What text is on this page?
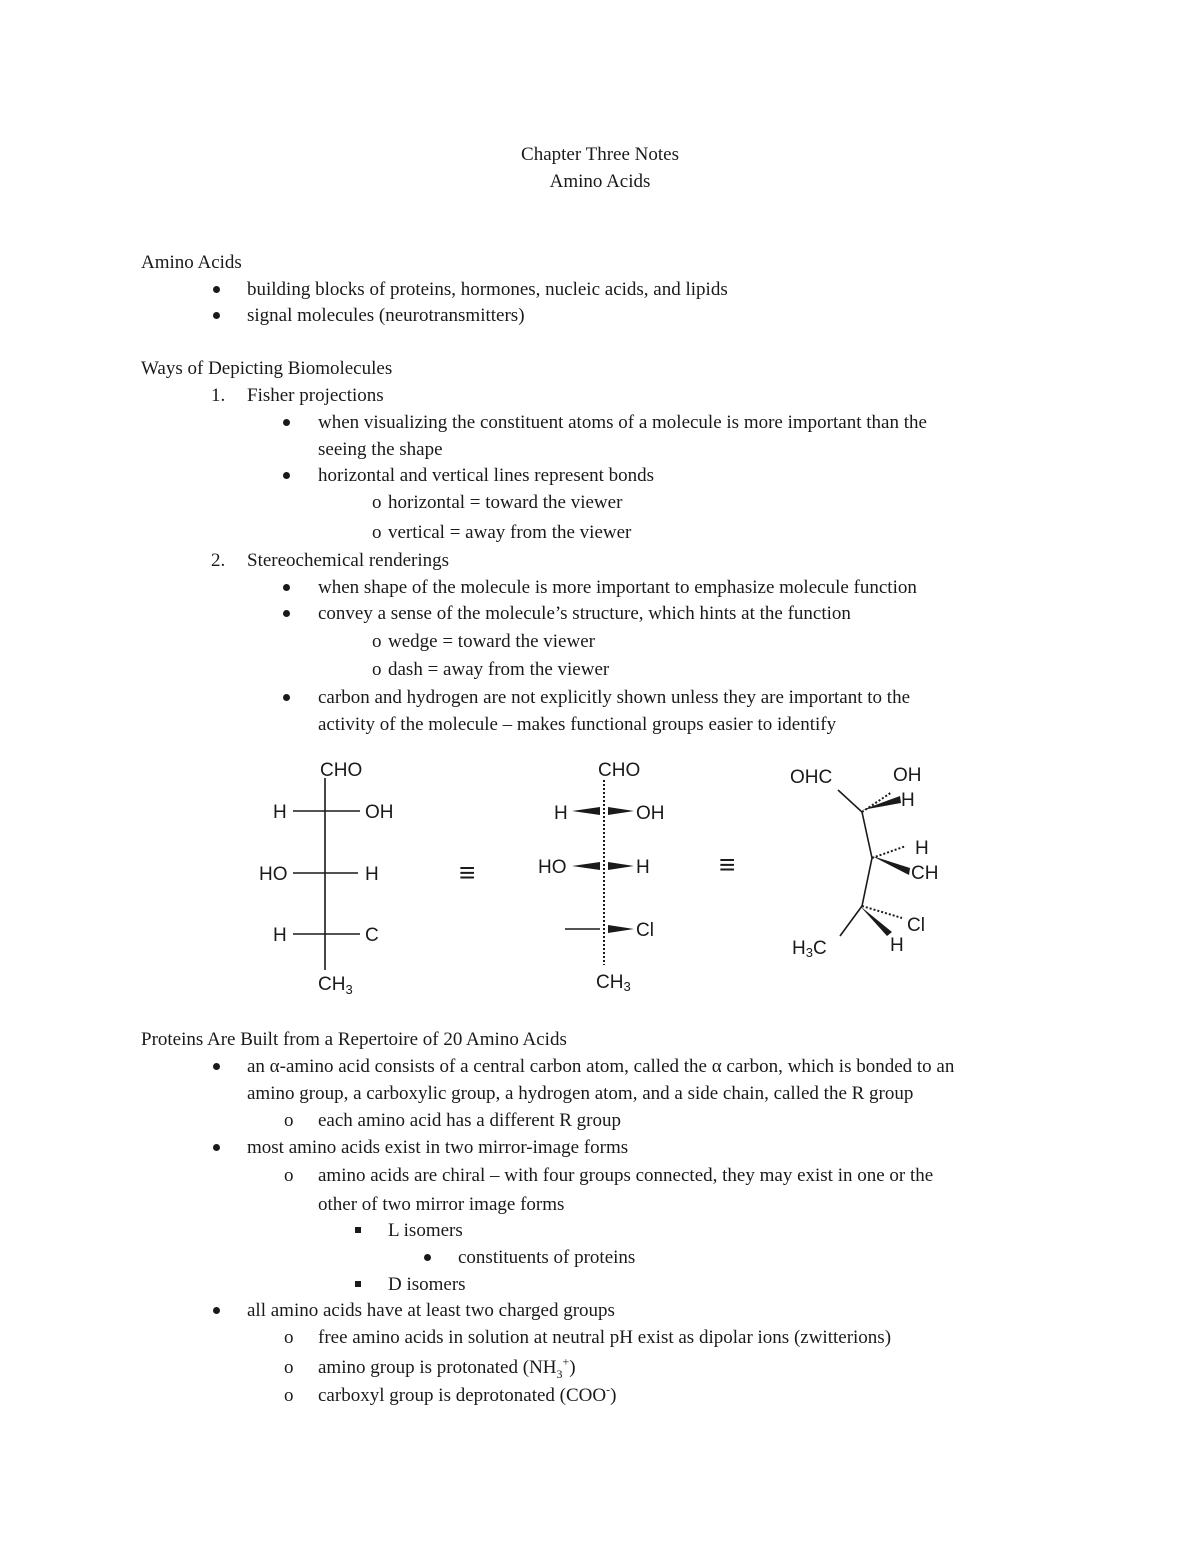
Chapter Three Notes
Amino Acids
Amino Acids
building blocks of proteins, hormones, nucleic acids, and lipids
signal molecules (neurotransmitters)
Ways of Depicting Biomolecules
1. Fisher projections
when visualizing the constituent atoms of a molecule is more important than the
seeing the shape
horizontal and vertical lines represent bonds
o horizontal = toward the viewer
o vertical = away from the viewer
2. Stereochemical renderings
when shape of the molecule is more important to emphasize molecule function
convey a sense of the molecule’s structure, which hints at the function
o wedge = toward the viewer
o dash = away from the viewer
carbon and hydrogen are not explicitly shown unless they are important to the
activity of the molecule – makes functional groups easier to identify
CHO
H	OH
HO	H
H	C
$CH_3$
≡
CHO
H	OH
HO	H
Cl
CH3
≡
OHC	OH
H
H
CH
Cl
H
H3C
Proteins Are Built from a Repertoire of 20 Amino Acids
an α-amino acid consists of a central carbon atom, called the α carbon, which is bonded to an
amino group, a carboxylic group, a hydrogen atom, and a side chain, called the R group
o each amino acid has a different R group
most amino acids exist in two mirror-image forms
o amino acids are chiral – with four groups connected, they may exist in one or the
other of two mirror image forms
L isomers
constituents of proteins
D isomers
all amino acids have at least two charged groups
o free amino acids in solution at neutral pH exist as dipolar ions (zwitterions)
o amino group is protonated $(NH_3^+)$
o carboxyl group is deprotonated (COO-)
